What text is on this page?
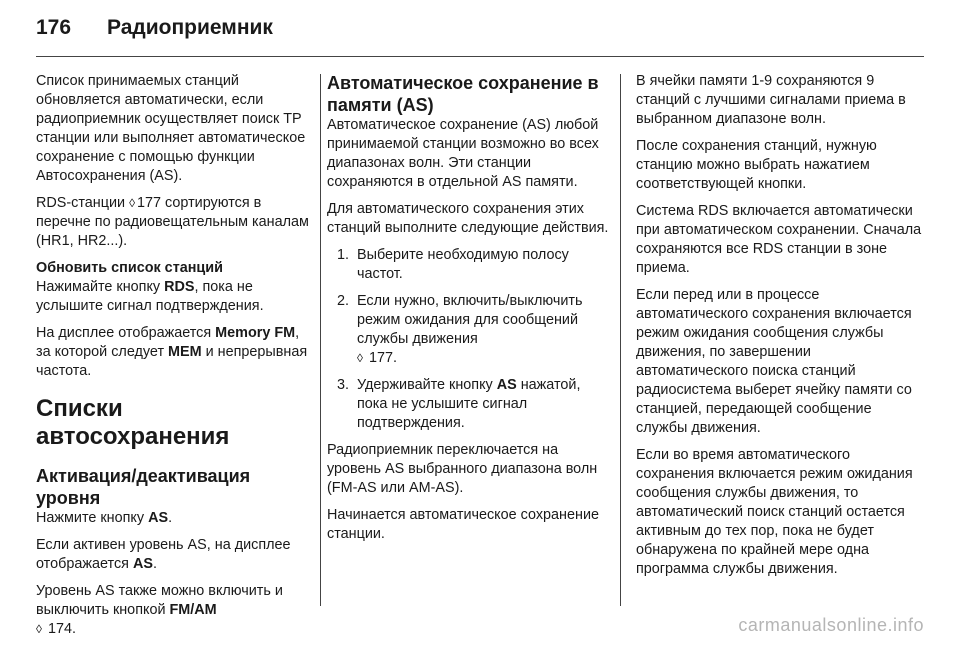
176 Радиоприемник

Список принимаемых станций обновляется автоматически, если радиоприемник осуществляет поиск TP станции или выполняет автоматическое сохранение с помощью функции Автосохранения (AS).

RDS-станции ◊ 177 сортируются в перечне по радиовещательным каналам (HR1, HR2...).

Обновить список станций

Нажимайте кнопку RDS, пока не услышите сигнал подтверждения.

На дисплее отображается Memory FM, за которой следует MEM и непрерывная частота.

Списки автосохранения
Активация/деактивация уровня

Нажмите кнопку AS.

Если активен уровень AS, на дисплее отображается AS.

Уровень AS также можно включить и выключить кнопкой FM/AM
◊ 174.

Автоматическое сохранение в памяти (AS)

Автоматическое сохранение (AS) любой принимаемой станции возможно во всех диапазонах волн. Эти станции сохраняются в отдельной AS памяти.

Для автоматического сохранения этих станций выполните следующие действия.

1. Выберите необходимую полосу частот.
2. Если нужно, включить/выключить режим ожидания для сообщений службы движения
◊ 177.
3. Удерживайте кнопку AS нажатой, пока не услышите сигнал подтверждения.

Радиоприемник переключается на уровень AS выбранного диапазона волн (FM-AS или AM-AS).

Начинается автоматическое сохранение станции.

В ячейки памяти 1-9 сохраняются 9 станций с лучшими сигналами приема в выбранном диапазоне волн.

После сохранения станций, нужную станцию можно выбрать нажатием соответствующей кнопки.

Система RDS включается автоматически при автоматическом сохранении. Сначала сохраняются все RDS станции в зоне приема.

Если перед или в процессе автоматического сохранения включается режим ожидания сообщения службы движения, по завершении автоматического поиска станций радиосистема выберет ячейку памяти со станцией, передающей сообщение службы движения.

Если во время автоматического сохранения включается режим ожидания сообщения службы движения, то автоматический поиск станций остается активным до тех пор, пока не будет обнаружена по крайней мере одна программа службы движения.

carmanualsonline.info
